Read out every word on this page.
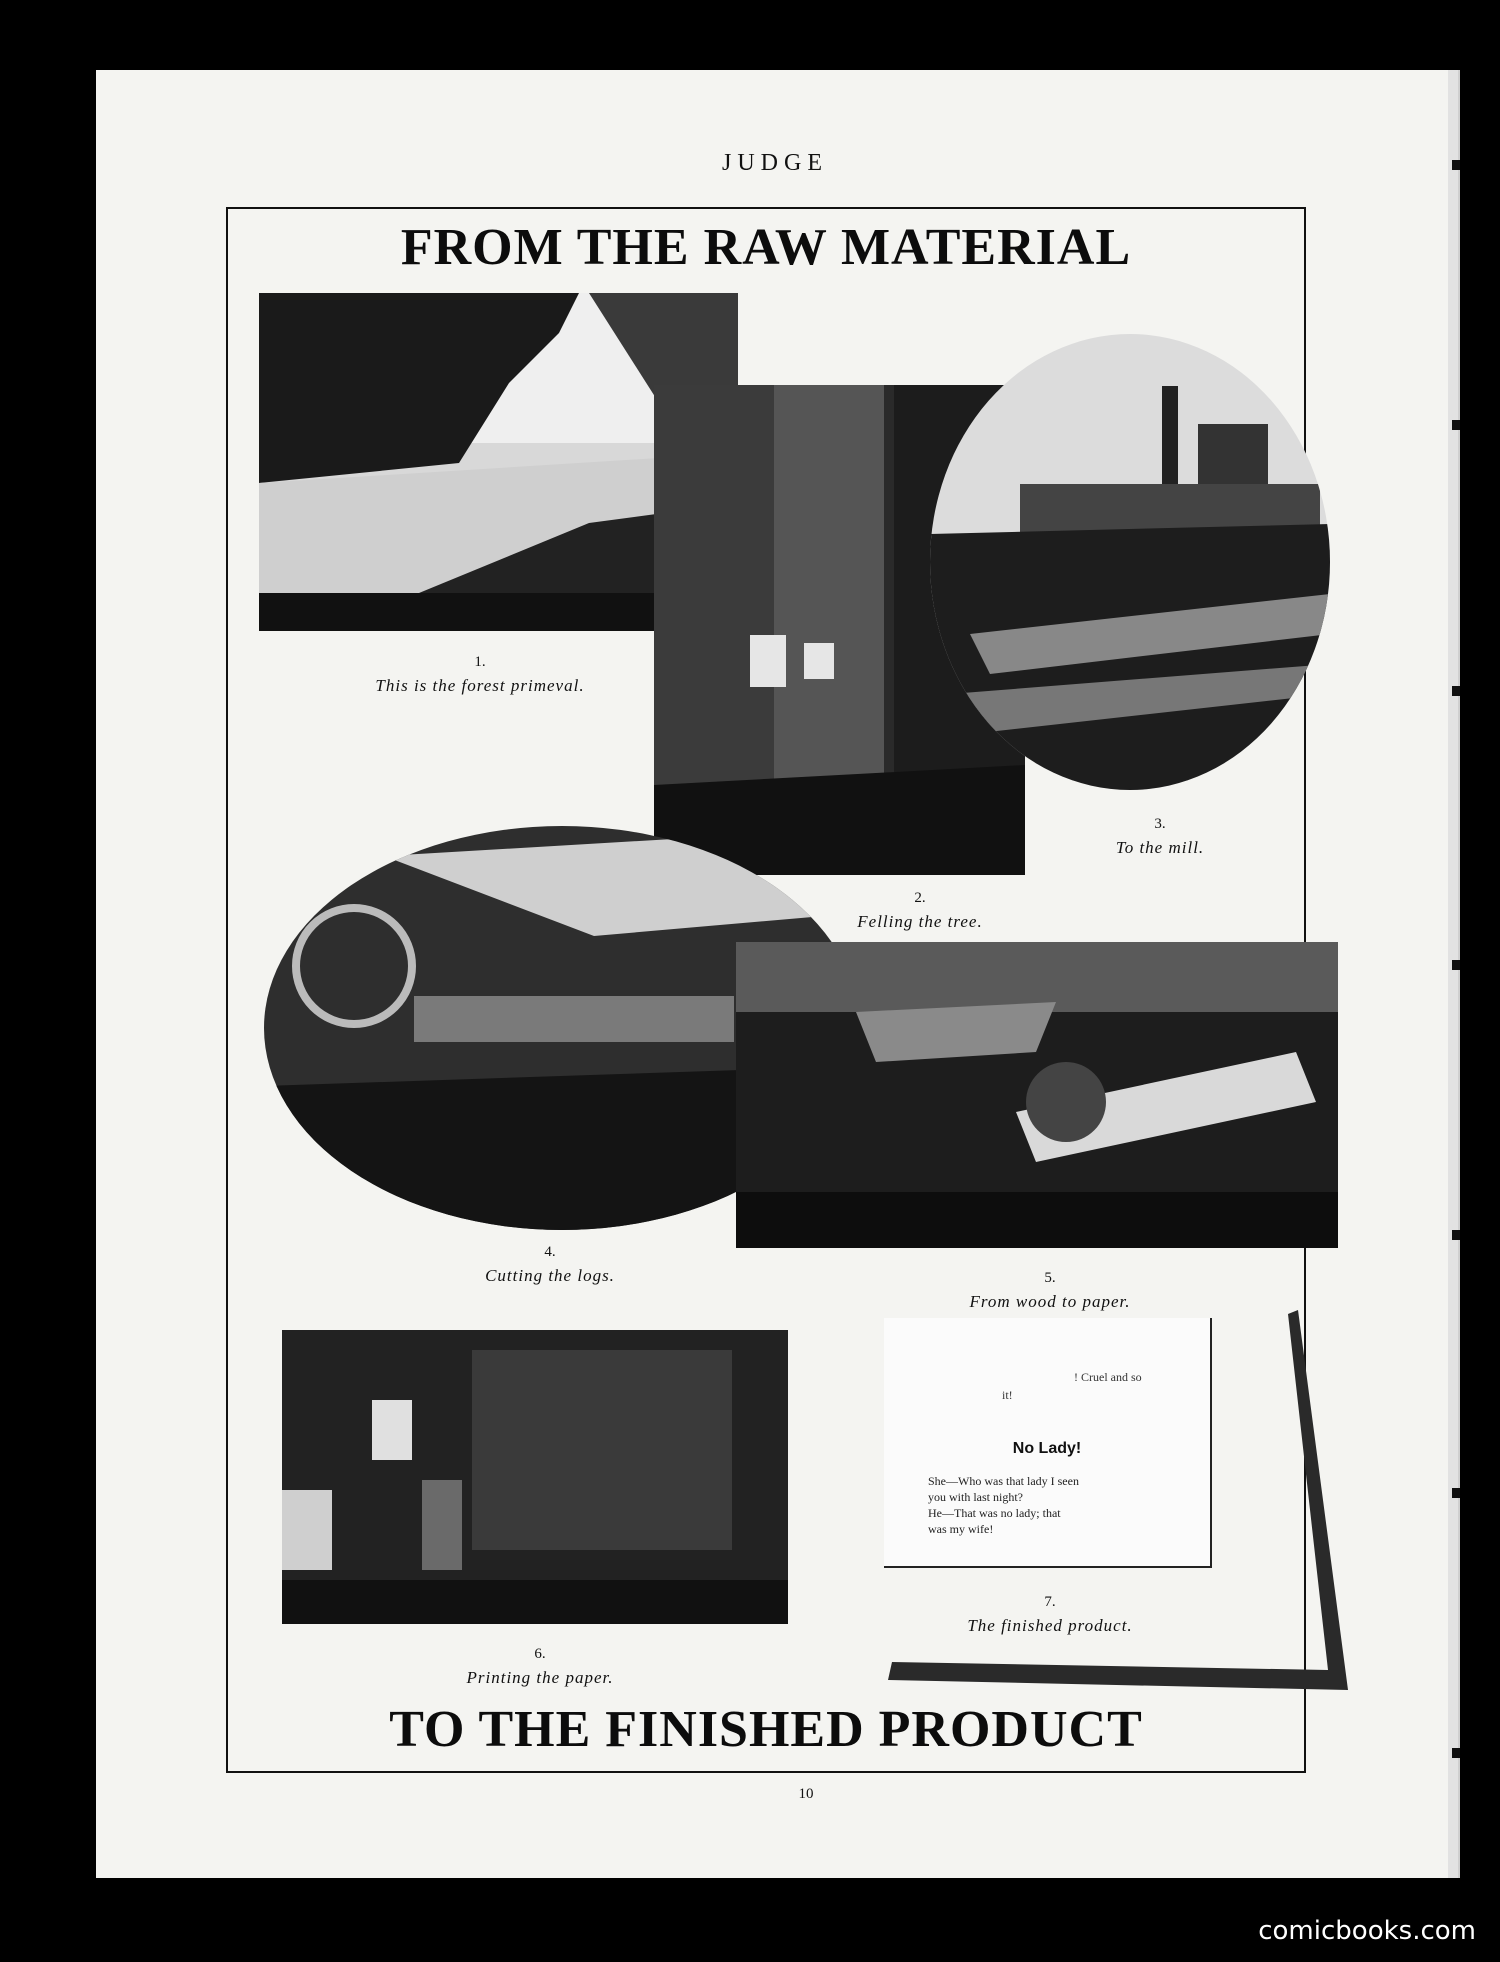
JUDGE
FROM THE RAW MATERIAL
1.
This is the forest primeval.
2.
Felling the tree.
3.
To the mill.
4.
Cutting the logs.	5.
From wood to paper.
6.
Printing the paper.
! Cruel and so
it!
No Lady!
She—Who was that lady I seen
you with last night?
He—That was no lady; that
was my wife!
7.
The finished product.
TO THE FINISHED PRODUCT
10
comicbooks.com
